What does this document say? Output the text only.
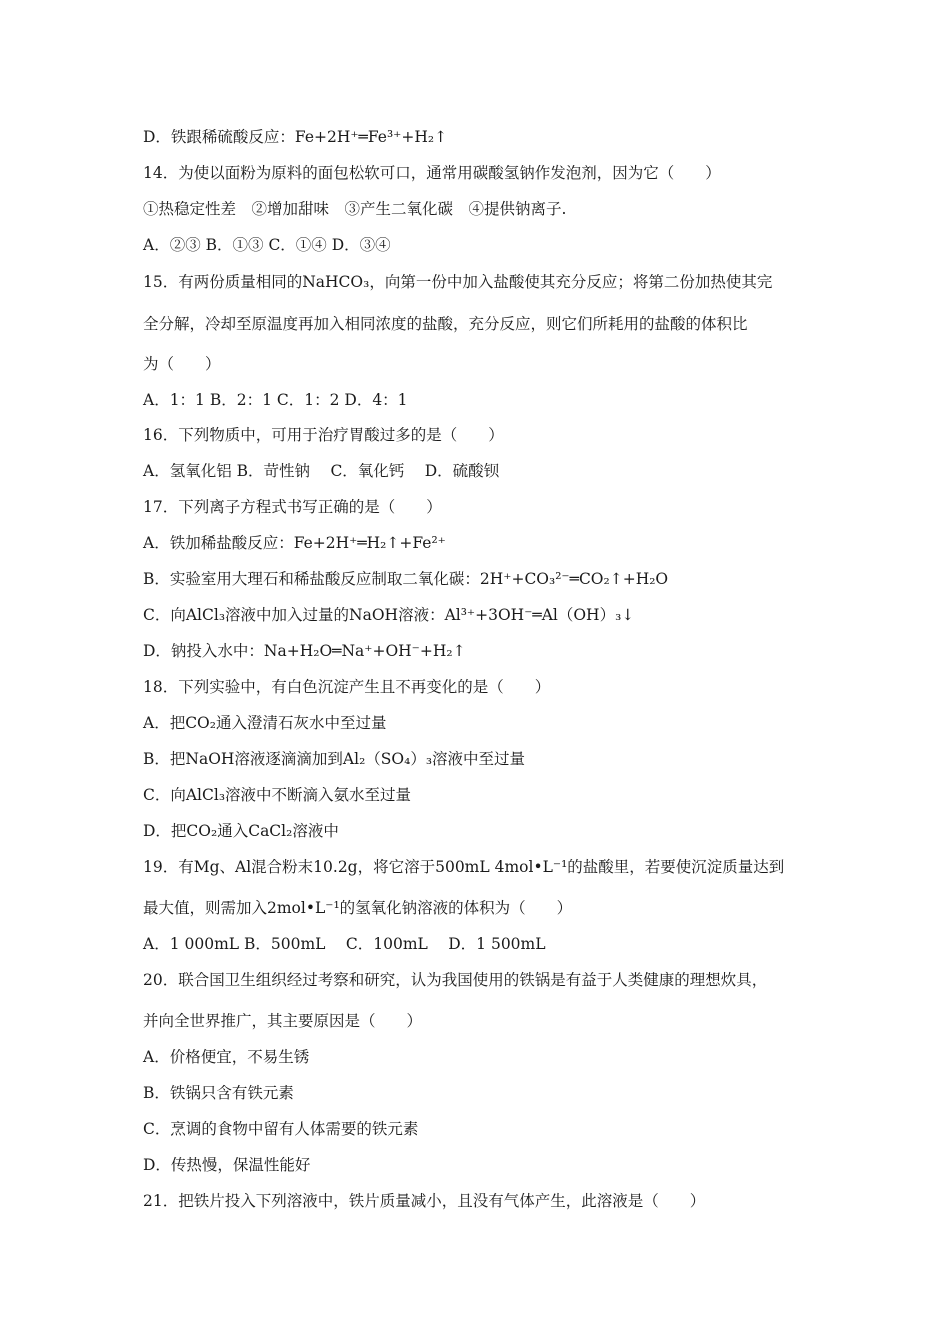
D．铁跟稀硫酸反应：Fe+2H⁺═Fe³⁺+H₂↑
14．为使以面粉为原料的面包松软可口，通常用碳酸氢钠作发泡剂，因为它（　　）
①热稳定性差　②增加甜味　③产生二氧化碳　④提供钠离子.
A．②③ B．①③ C．①④ D．③④
15．有两份质量相同的NaHCO₃，向第一份中加入盐酸使其充分反应；将第二份加热使其完
全分解，冷却至原温度再加入相同浓度的盐酸，充分反应，则它们所耗用的盐酸的体积比
为（　　）
A．1：1 B．2：1 C．1：2 D．4：1
16．下列物质中，可用于治疗胃酸过多的是（　　）
A．氢氧化铝 B．苛性钠　 C．氧化钙　 D．硫酸钡
17．下列离子方程式书写正确的是（　　）
A．铁加稀盐酸反应：Fe+2H⁺═H₂↑+Fe²⁺
B．实验室用大理石和稀盐酸反应制取二氧化碳：2H⁺+CO₃²⁻═CO₂↑+H₂O
C．向AlCl₃溶液中加入过量的NaOH溶液：Al³⁺+3OH⁻═Al（OH）₃↓
D．钠投入水中：Na+H₂O═Na⁺+OH⁻+H₂↑
18．下列实验中，有白色沉淀产生且不再变化的是（　　）
A．把CO₂通入澄清石灰水中至过量
B．把NaOH溶液逐滴滴加到Al₂（SO₄）₃溶液中至过量
C．向AlCl₃溶液中不断滴入氨水至过量
D．把CO₂通入CaCl₂溶液中
19．有Mg、Al混合粉末10.2g，将它溶于500mL 4mol•L⁻¹的盐酸里，若要使沉淀质量达到
最大值，则需加入2mol•L⁻¹的氢氧化钠溶液的体积为（　　）
A．1 000mL B．500mL　 C．100mL　 D．1 500mL
20．联合国卫生组织经过考察和研究，认为我国使用的铁锅是有益于人类健康的理想炊具，
并向全世界推广，其主要原因是（　　）
A．价格便宜，不易生锈
B．铁锅只含有铁元素
C．烹调的食物中留有人体需要的铁元素
D．传热慢，保温性能好
21．把铁片投入下列溶液中，铁片质量减小，且没有气体产生，此溶液是（　　）
